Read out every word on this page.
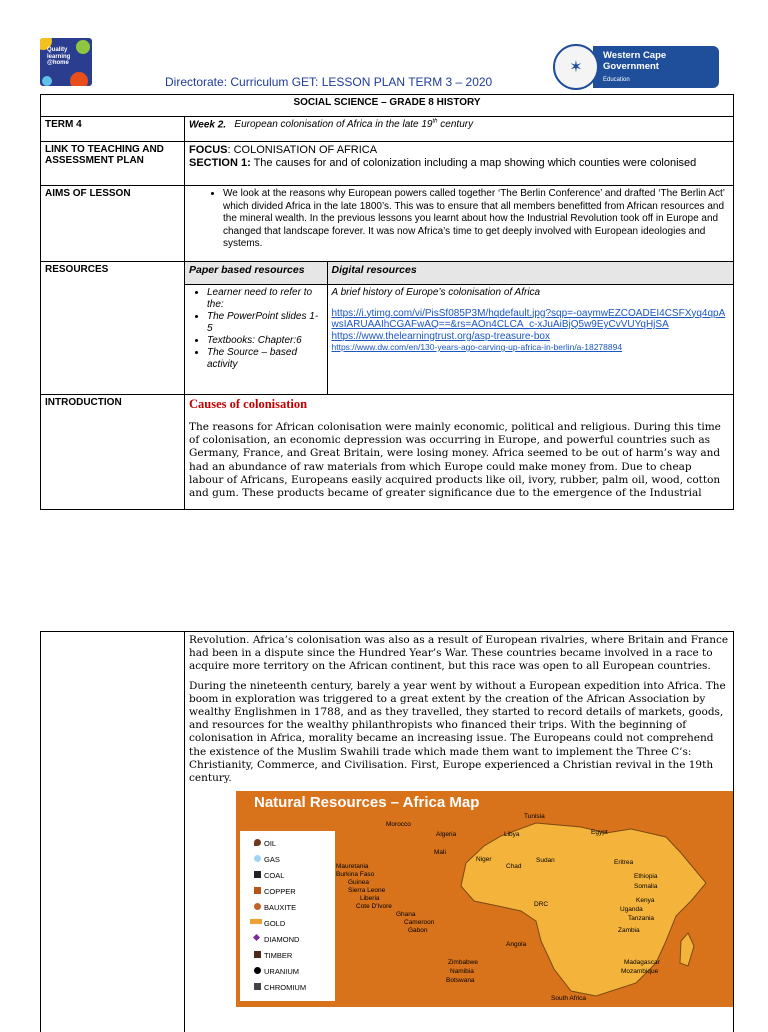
Quality
learning
@home
Directorate: Curriculum GET: LESSON PLAN TERM 3 – 2020
Western Cape
Government
Education
✶
SOCIAL SCIENCE – GRADE 8 HISTORY
TERM 4	Week 2. European colonisation of Africa in the late 19th century
LINK TO TEACHING AND ASSESSMENT PLAN	FOCUS: COLONISATION OF AFRICA
SECTION 1: The causes for and of colonization including a map showing which counties were colonised
AIMS OF LESSON	
•We look at the reasons why European powers called together ‘The Berlin Conference’ and drafted ‘The Berlin Act’ which divided Africa in the late 1800’s. This was to ensure that all members benefitted from African resources and the mineral wealth. In the previous lessons you learnt about how the Industrial Revolution took off in Europe and changed that landscape forever. It was now Africa’s time to get deeply involved with European ideologies and systems.

RESOURCES		Paper based resources	Digital resources

• Learner need to refer to the:
• The PowerPoint slides 1-5
• Textbooks: Chapter:6
• The Source – based activity

A brief history of Europe’s colonisation of Africa
https://i.ytimg.com/vi/PisSf085P3M/hqdefault.jpg?sqp=-oaymwEZCOADEI4CSFXyq4qpAwsIARUAAIhCGAFwAQ==&rs=AOn4CLCA_c-xJuAiBjQ5w9EyCvVUYqHjSA
https://www.thelearningtrust.org/asp-treasure-box
https://www.dw.com/en/130-years-ago-carving-up-africa-in-berlin/a-18278894

INTRODUCTION	Causes of colonisation
The reasons for African colonisation were mainly economic, political and religious. During this time of colonisation, an economic depression was occurring in Europe, and powerful countries such as Germany, France, and Great Britain, were losing money. Africa seemed to be out of harm’s way and had an abundance of raw materials from which Europe could make money from. Due to cheap labour of Africans, Europeans easily acquired products like oil, ivory, rubber, palm oil, wood, cotton and gum. These products became of greater significance due to the emergence of the Industrial

Revolution. Africa’s colonisation was also as a result of European rivalries, where Britain and France had been in a dispute since the Hundred Year’s War. These countries became involved in a race to acquire more territory on the African continent, but this race was open to all European countries.
During the nineteenth century, barely a year went by without a European expedition into Africa. The boom in exploration was triggered to a great extent by the creation of the African Association by wealthy Englishmen in 1788, and as they travelled, they started to record details of markets, goods, and resources for the wealthy philanthropists who financed their trips. With the beginning of colonisation in Africa, morality became an increasing issue. The Europeans could not comprehend the existence of the Muslim Swahili trade which made them want to implement the Three C’s: Christianity, Commerce, and Civilisation. First, Europe experienced a Christian revival in the 19th century.
Natural Resources – Africa Map
OIL
GAS
COAL
COPPER
BAUXITE
GOLD
DIAMOND
TIMBER
URANIUM
CHROMIUM
Tunisia
Morocco
Algeria	Libya	Egypt
Mali
Niger
Chad
Sudan	Eritrea
Mauretania
Burkina Faso
Guinea
Sierra Leone
Liberia
Cote D'Ivore
Ghana
Cameroon
Gabon
DRC
Ethiopia
Somalia
Kenya
Uganda
Tanzania
Zambia
Angola
Zimbabwe
Namibia
Botswana
South Africa
Madagascar
Mozambique
